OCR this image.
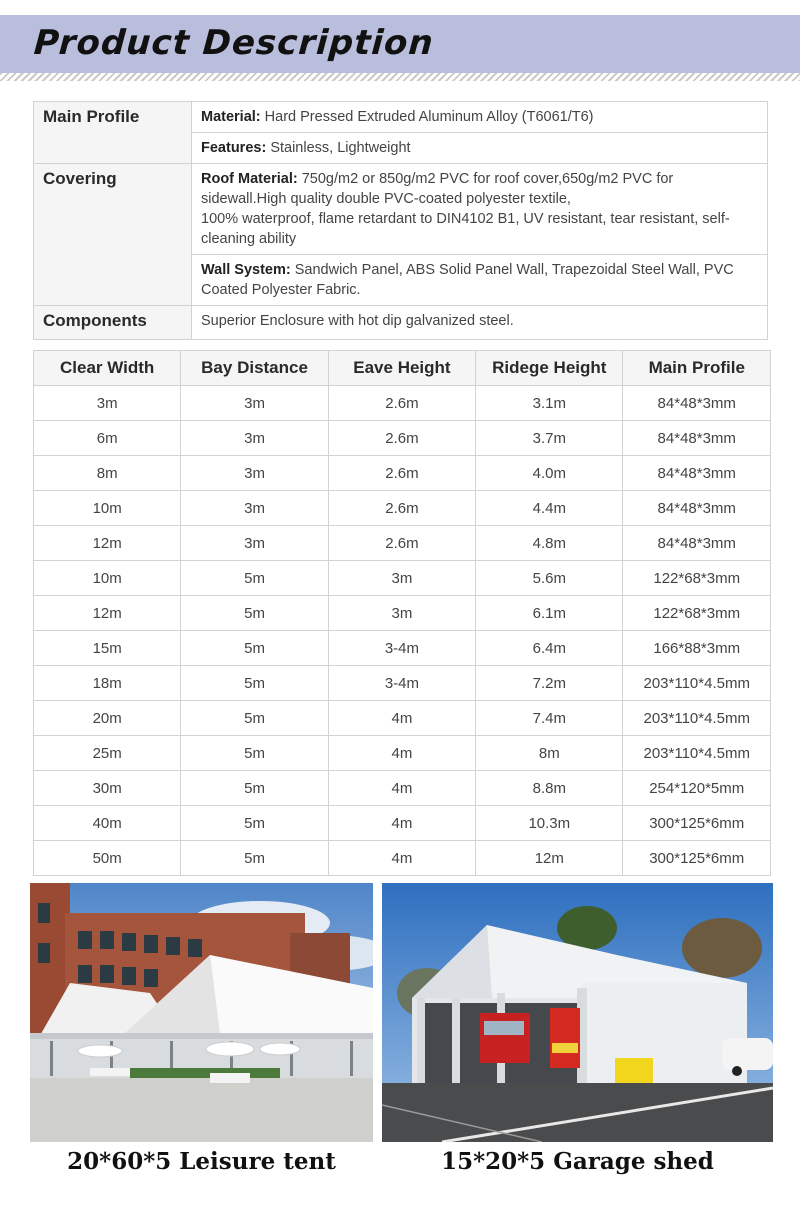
Product Description
Main Profile	Material: Hard Pressed Extruded Aluminum Alloy (T6061/T6)
	Features: Stainless, Lightweight
Covering	Roof Material: 750g/m2 or 850g/m2 PVC for roof cover,650g/m2 PVC for sidewall.High quality double PVC-coated polyester textile,
100% waterproof, flame retardant to DIN4102 B1, UV resistant, tear resistant, self-cleaning ability
	Wall System: Sandwich Panel, ABS Solid Panel Wall, Trapezoidal Steel Wall, PVC Coated Polyester Fabric.
Components	Superior Enclosure with hot dip galvanized steel.
Clear Width	Bay Distance	Eave Height	Ridege Height	Main Profile
3m	3m	2.6m	3.1m	84*48*3mm
6m	3m	2.6m	3.7m	84*48*3mm
8m	3m	2.6m	4.0m	84*48*3mm
10m	3m	2.6m	4.4m	84*48*3mm
12m	3m	2.6m	4.8m	84*48*3mm
10m	5m	3m	5.6m	122*68*3mm
12m	5m	3m	6.1m	122*68*3mm
15m	5m	3-4m	6.4m	166*88*3mm
18m	5m	3-4m	7.2m	203*110*4.5mm
20m	5m	4m	7.4m	203*110*4.5mm
25m	5m	4m	8m	203*110*4.5mm
30m	5m	4m	8.8m	254*120*5mm
40m	5m	4m	10.3m	300*125*6mm
50m	5m	4m	12m	300*125*6mm
20*60*5 Leisure tent	15*20*5 Garage shed
